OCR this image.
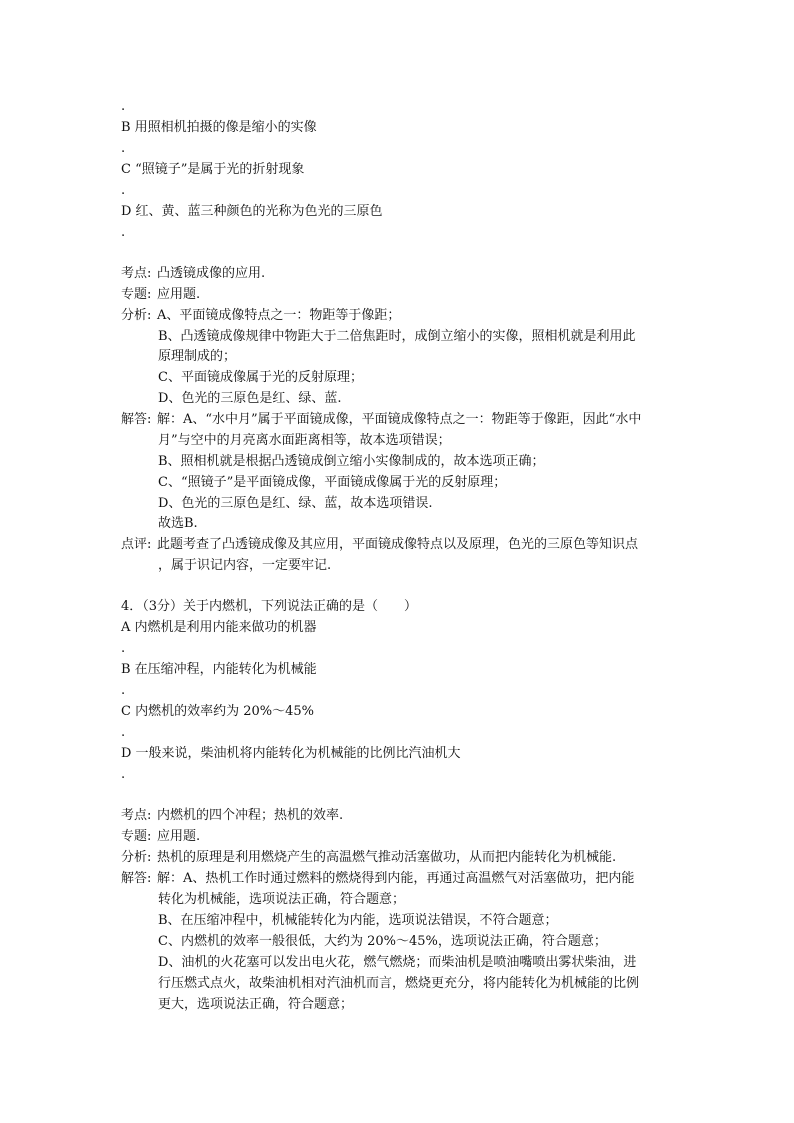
.
B 用照相机拍摄的像是缩小的实像
.
C “照镜子”是属于光的折射现象
.
D 红、黄、蓝三种颜色的光称为色光的三原色
.
考点: 凸透镜成像的应用.
专题: 应用题.
分析: A、平面镜成像特点之一：物距等于像距；
B、凸透镜成像规律中物距大于二倍焦距时，成倒立缩小的实像，照相机就是利用此
原理制成的；
C、平面镜成像属于光的反射原理；
D、色光的三原色是红、绿、蓝.
解答: 解：A、“水中月”属于平面镜成像，平面镜成像特点之一：物距等于像距，因此“水中
月”与空中的月亮离水面距离相等，故本选项错误；
B、照相机就是根据凸透镜成倒立缩小实像制成的，故本选项正确；
C、“照镜子”是平面镜成像，平面镜成像属于光的反射原理；
D、色光的三原色是红、绿、蓝，故本选项错误.
故选B.
点评: 此题考查了凸透镜成像及其应用，平面镜成像特点以及原理，色光的三原色等知识点
，属于识记内容，一定要牢记.
4．（3分）关于内燃机，下列说法正确的是（　　）
A 内燃机是利用内能来做功的机器
.
B 在压缩冲程，内能转化为机械能
.
C 内燃机的效率约为 20%～45%
.
D 一般来说，柴油机将内能转化为机械能的比例比汽油机大
.
考点: 内燃机的四个冲程；热机的效率.
专题: 应用题.
分析: 热机的原理是利用燃烧产生的高温燃气推动活塞做功，从而把内能转化为机械能.
解答: 解：A、热机工作时通过燃料的燃烧得到内能，再通过高温燃气对活塞做功，把内能
转化为机械能，选项说法正确，符合题意；
B、在压缩冲程中，机械能转化为内能，选项说法错误，不符合题意；
C、内燃机的效率一般很低，大约为 20%～45%，选项说法正确，符合题意；
D、油机的火花塞可以发出电火花，燃气燃烧；而柴油机是喷油嘴喷出雾状柴油，进
行压燃式点火，故柴油机相对汽油机而言，燃烧更充分，将内能转化为机械能的比例
更大，选项说法正确，符合题意；
